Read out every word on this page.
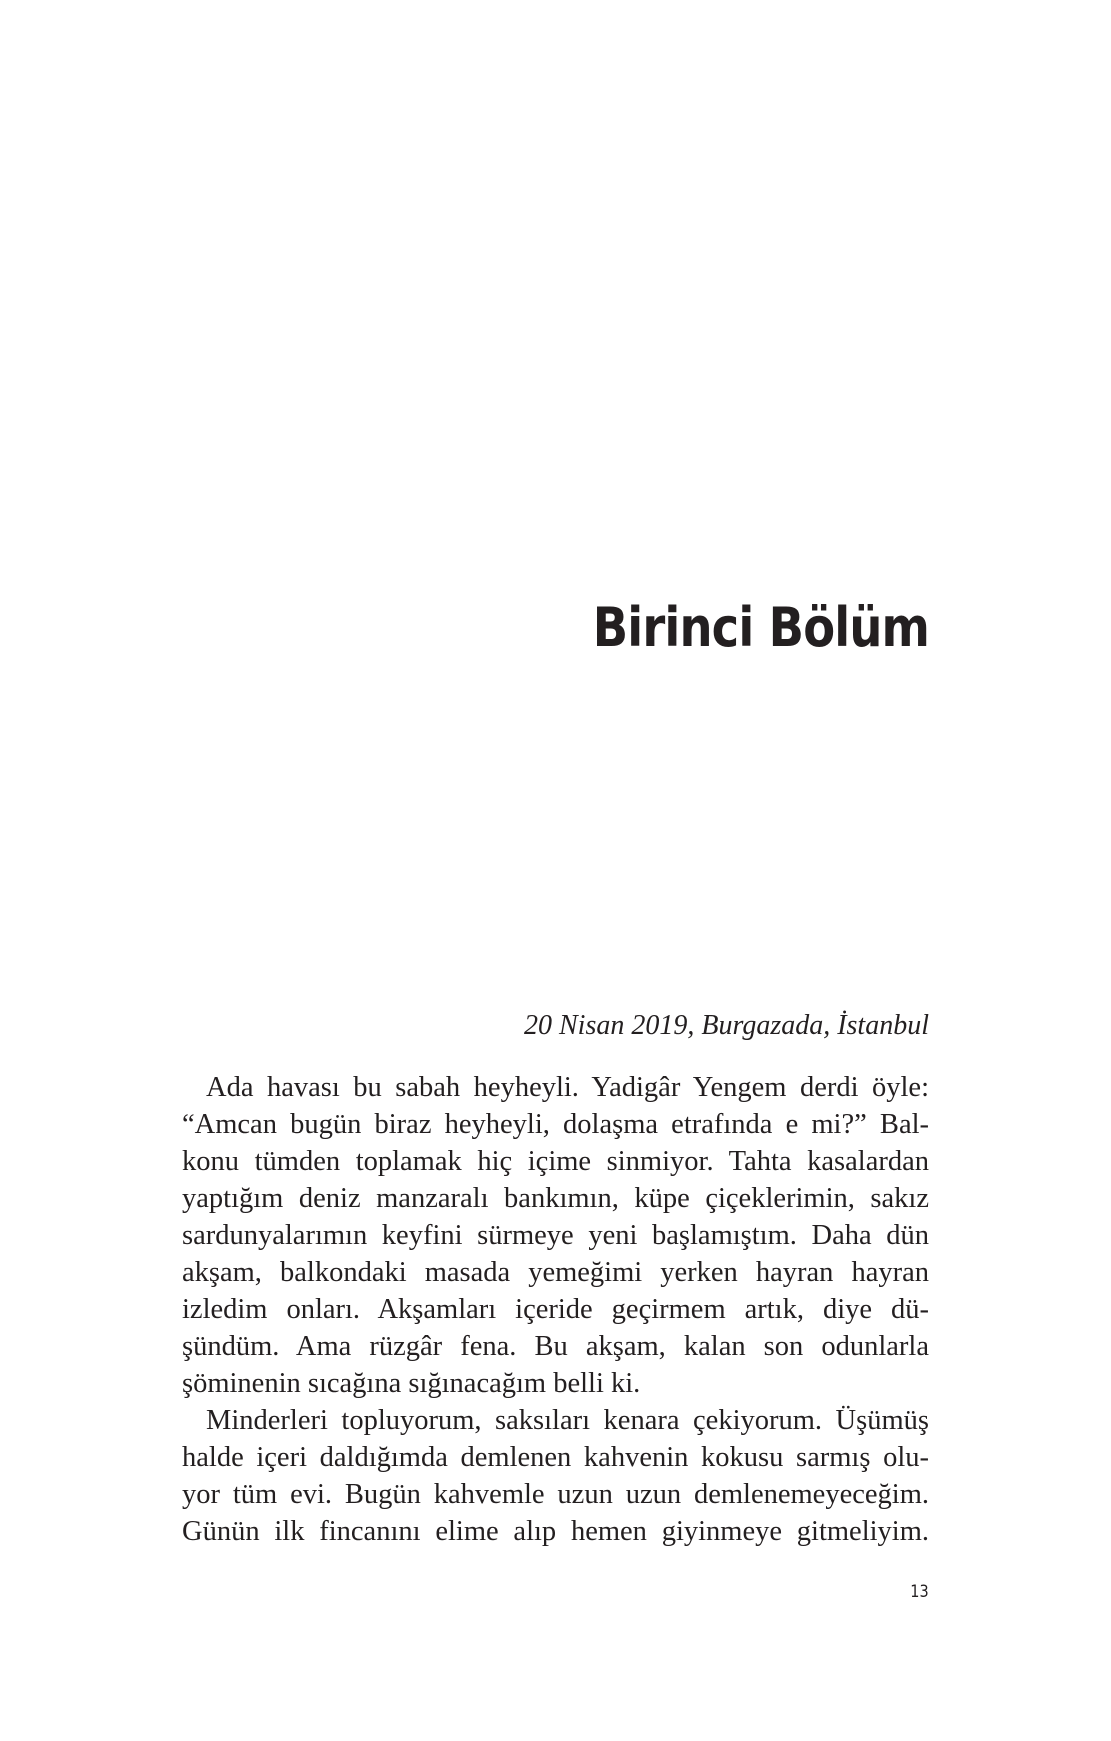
Birinci Bölüm

20 Nisan 2019, Burgazada, İstanbul

Ada havası bu sabah heyheyli. Yadigâr Yengem derdi öyle:
“Amcan bugün biraz heyheyli, dolaşma etrafında e mi?” Bal-
konu tümden toplamak hiç içime sinmiyor. Tahta kasalardan
yaptığım deniz manzaralı bankımın, küpe çiçeklerimin, sakız
sardunyalarımın keyfini sürmeye yeni başlamıştım. Daha dün
akşam, balkondaki masada yemeğimi yerken hayran hayran
izledim onları. Akşamları içeride geçirmem artık, diye dü-
şündüm. Ama rüzgâr fena. Bu akşam, kalan son odunlarla
şöminenin sıcağına sığınacağım belli ki.

Minderleri topluyorum, saksıları kenara çekiyorum. Üşümüş
halde içeri daldığımda demlenen kahvenin kokusu sarmış olu-
yor tüm evi. Bugün kahvemle uzun uzun demlenemeyeceğim.
Günün ilk fincanını elime alıp hemen giyinmeye gitmeliyim.

13
